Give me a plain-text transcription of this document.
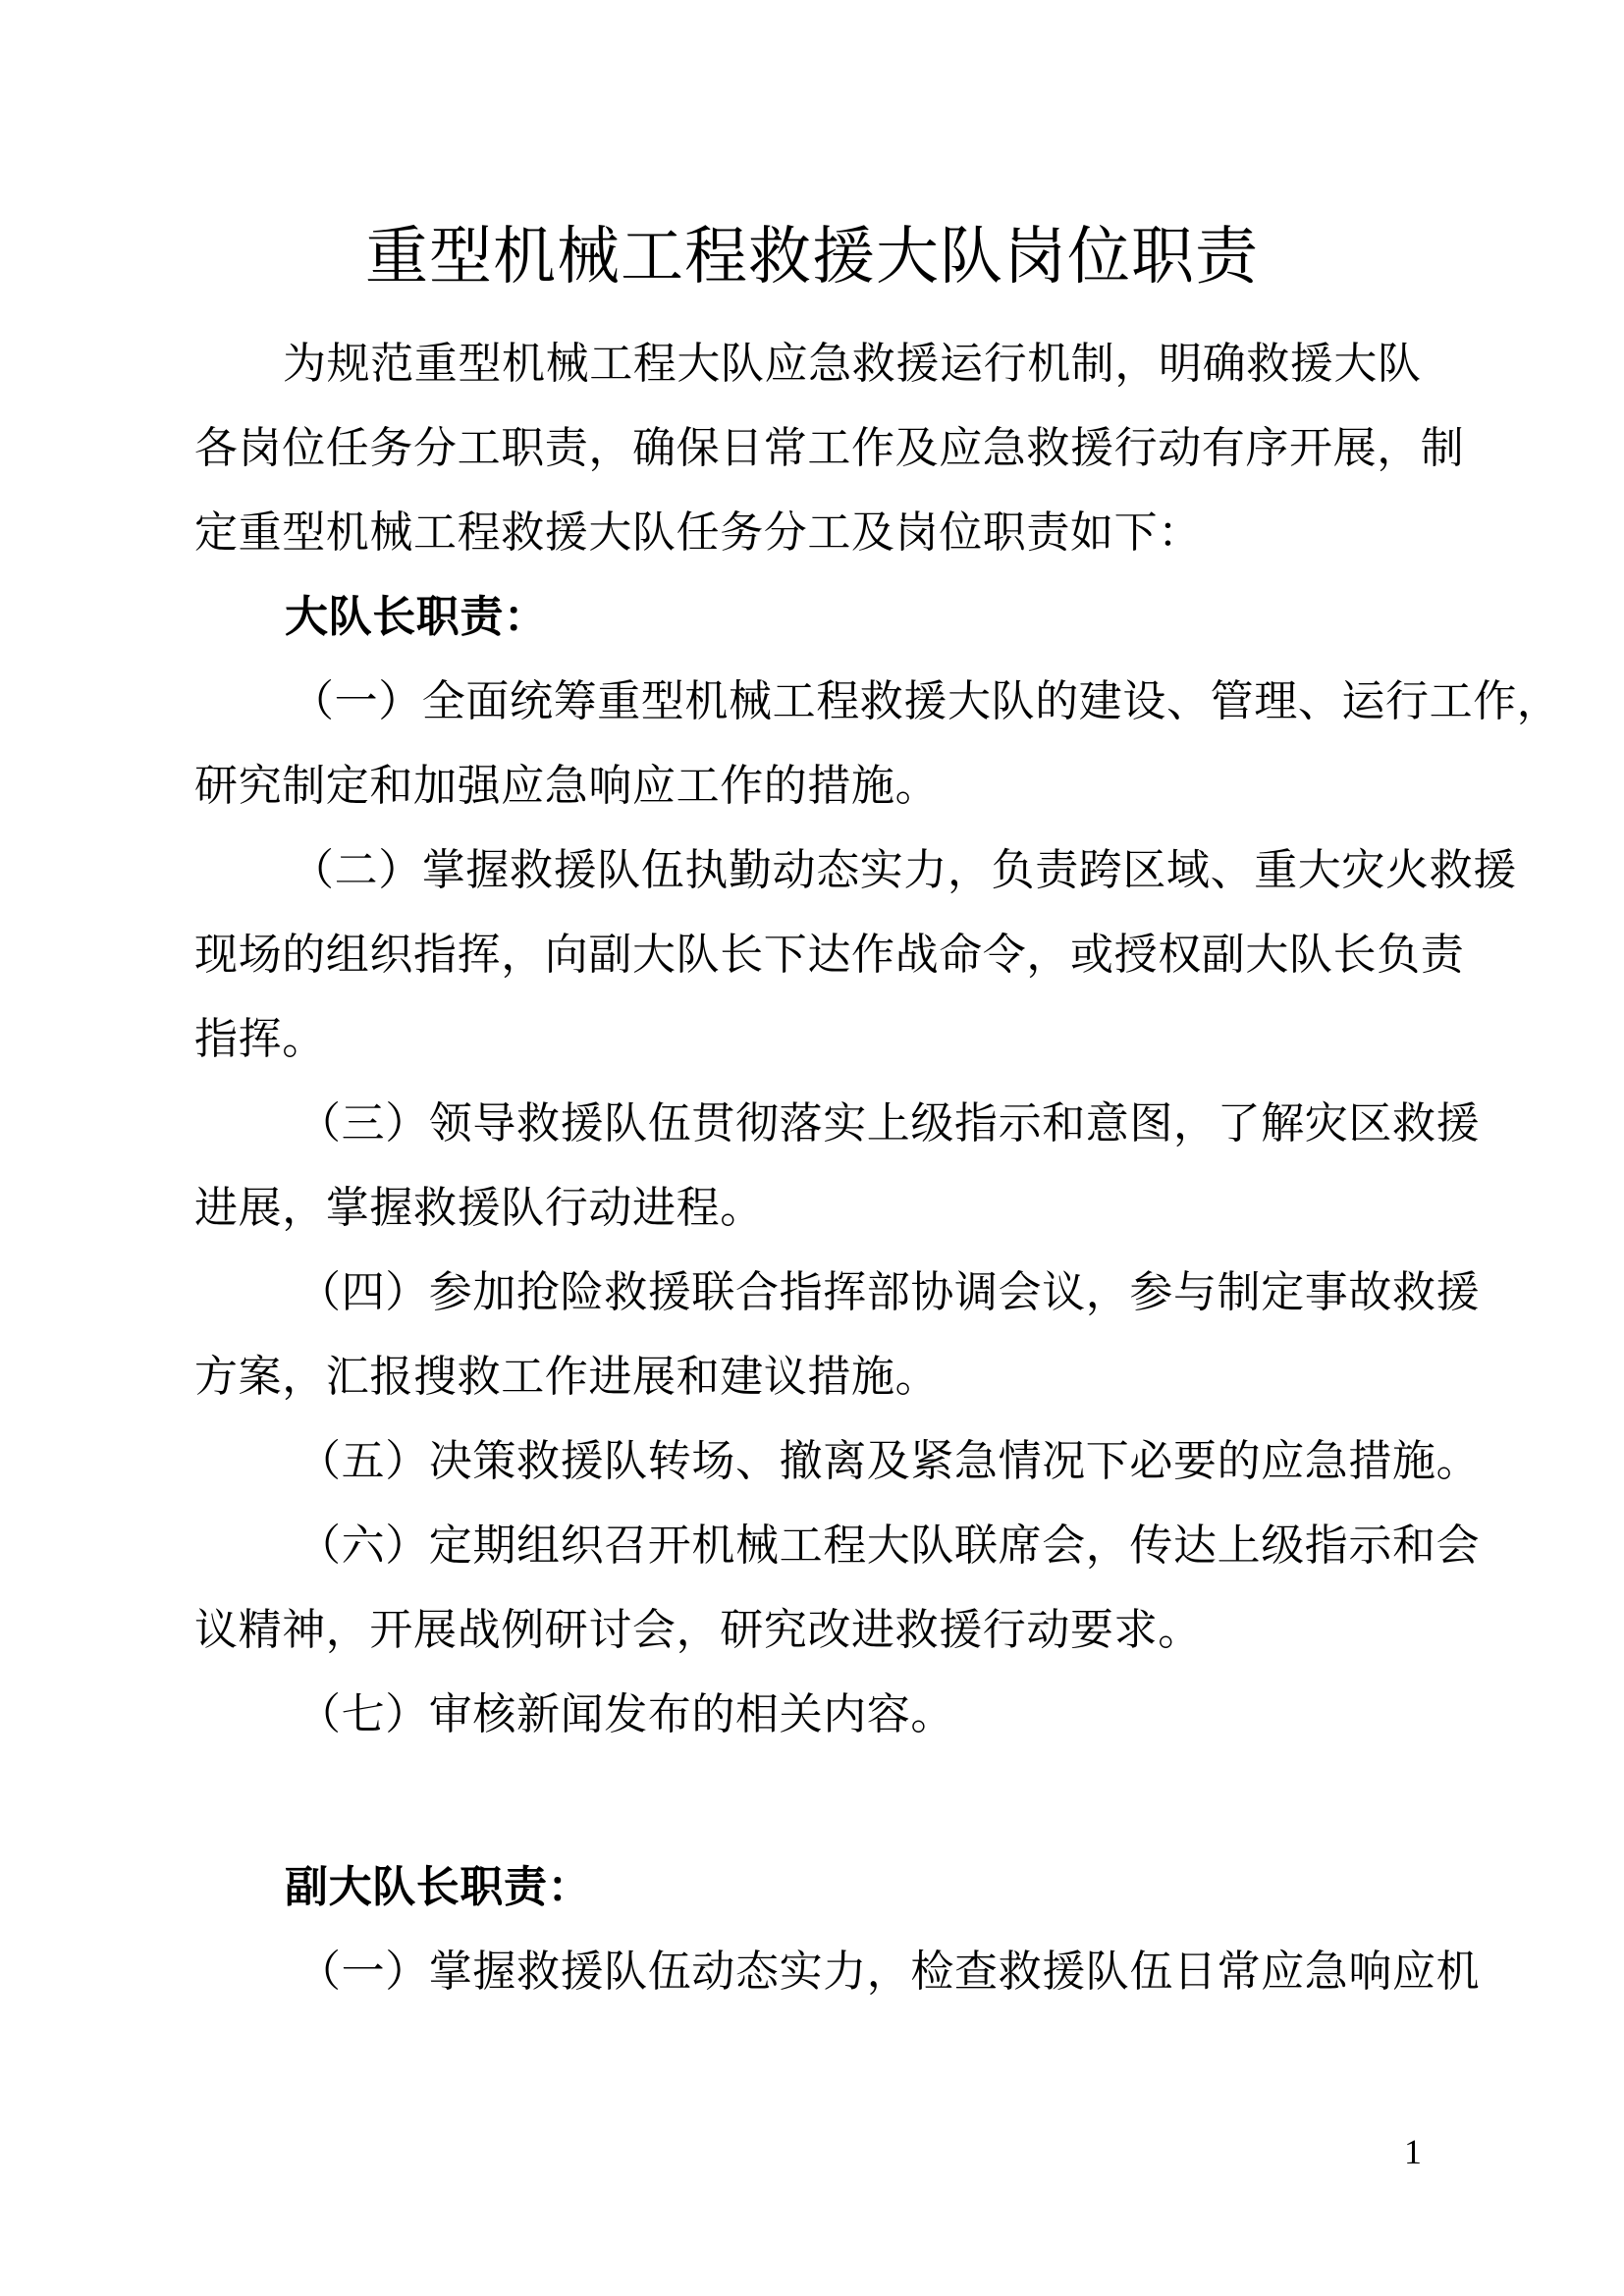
重型机械工程救援大队岗位职责
为规范重型机械工程大队应急救援运行机制，明确救援大队
各岗位任务分工职责，确保日常工作及应急救援行动有序开展，制
定重型机械工程救援大队任务分工及岗位职责如下：
大队长职责：
（一）全面统筹重型机械工程救援大队的建设、管理、运行工作，
研究制定和加强应急响应工作的措施。
（二）掌握救援队伍执勤动态实力，负责跨区域、重大灾火救援
现场的组织指挥，向副大队长下达作战命令，或授权副大队长负责
指挥。
（三）领导救援队伍贯彻落实上级指示和意图，了解灾区救援
进展，掌握救援队行动进程。
（四）参加抢险救援联合指挥部协调会议，参与制定事故救援
方案，汇报搜救工作进展和建议措施。
（五）决策救援队转场、撤离及紧急情况下必要的应急措施。
（六）定期组织召开机械工程大队联席会，传达上级指示和会
议精神，开展战例研讨会，研究改进救援行动要求。
（七）审核新闻发布的相关内容。
副大队长职责：
（一）掌握救援队伍动态实力，检查救援队伍日常应急响应机
1
